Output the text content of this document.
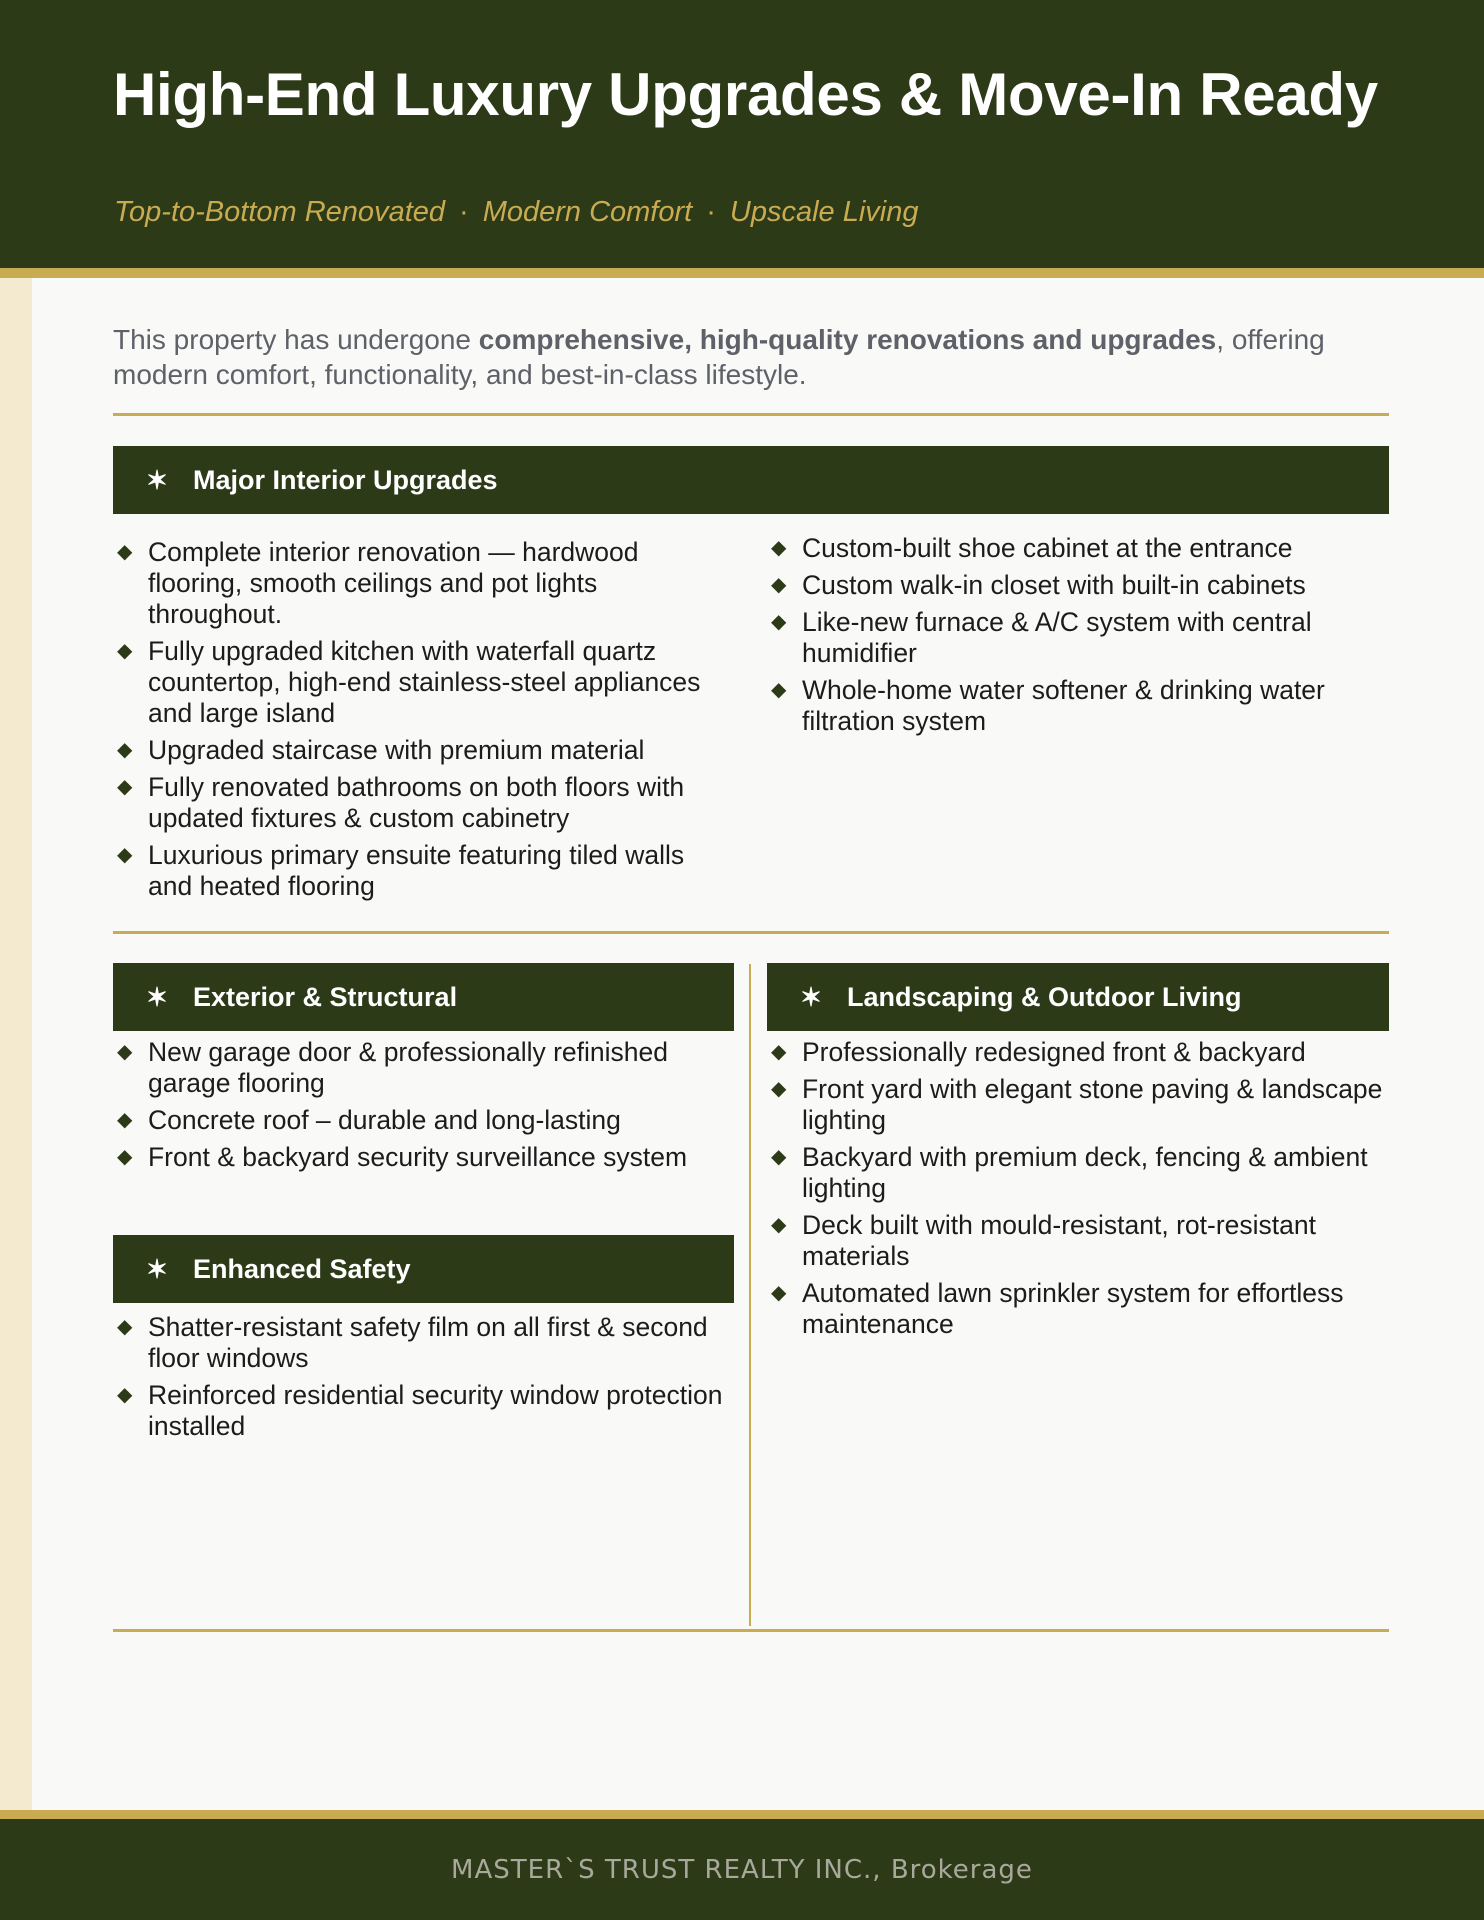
High-End Luxury Upgrades & Move-In Ready
Top-to-Bottom Renovated · Modern Comfort · Upscale Living
This property has undergone comprehensive, high-quality renovations and upgrades, offering modern comfort, functionality, and best-in-class lifestyle.
✶ Major Interior Upgrades
◆ Complete interior renovation — hardwood flooring, smooth ceilings and pot lights throughout.
◆ Fully upgraded kitchen with waterfall quartz countertop, high-end stainless-steel appliances and large island
◆ Upgraded staircase with premium material
◆ Fully renovated bathrooms on both floors with updated fixtures & custom cabinetry
◆ Luxurious primary ensuite featuring tiled walls and heated flooring
◆ Custom-built shoe cabinet at the entrance
◆ Custom walk-in closet with built-in cabinets
◆ Like-new furnace & A/C system with central humidifier
◆ Whole-home water softener & drinking water filtration system
✶ Exterior & Structural
◆ New garage door & professionally refinished garage flooring
◆ Concrete roof – durable and long-lasting
◆ Front & backyard security surveillance system
✶ Enhanced Safety
◆ Shatter-resistant safety film on all first & second floor windows
◆ Reinforced residential security window protection installed
✶ Landscaping & Outdoor Living
◆ Professionally redesigned front & backyard
◆ Front yard with elegant stone paving & landscape lighting
◆ Backyard with premium deck, fencing & ambient lighting
◆ Deck built with mould-resistant, rot-resistant materials
◆ Automated lawn sprinkler system for effortless maintenance
MASTER`S TRUST REALTY INC., Brokerage
